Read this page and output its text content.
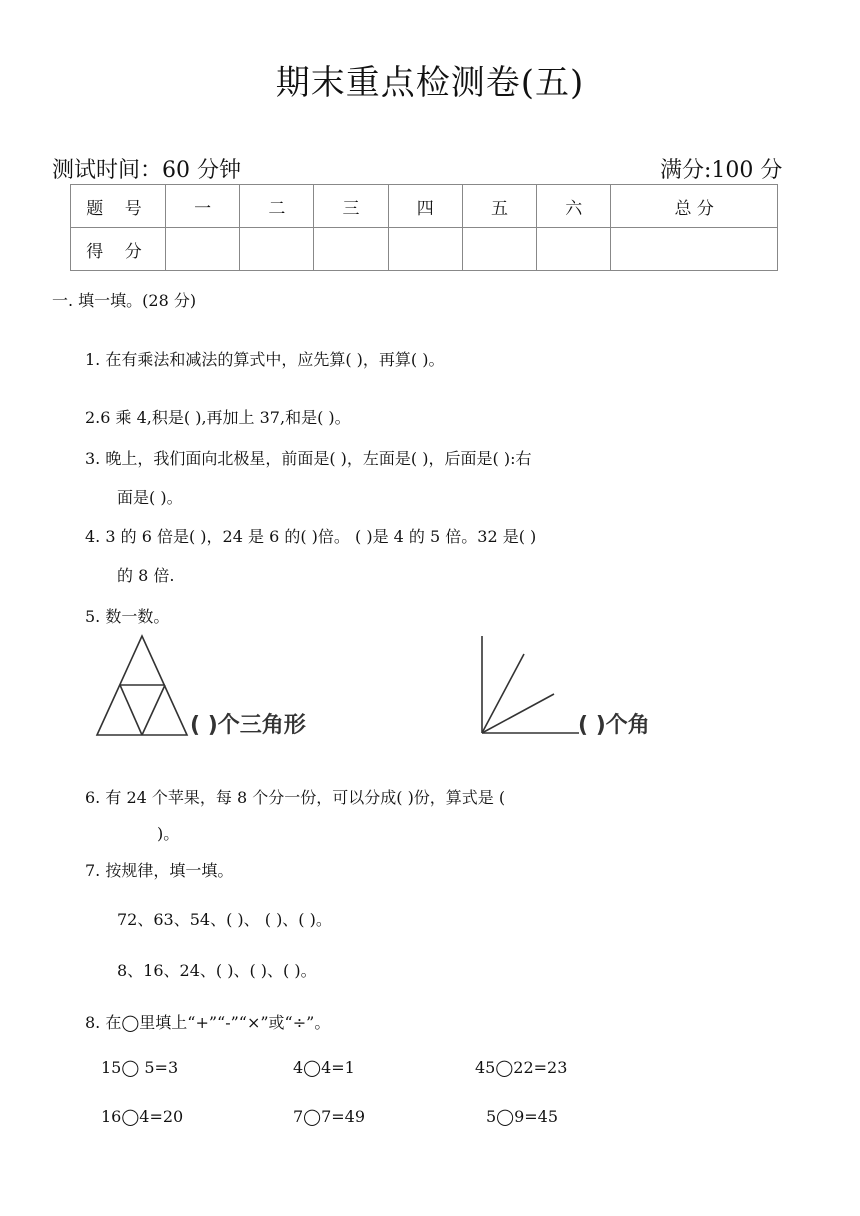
期末重点检测卷(五)
测试时间：60 分钟	满分:100 分
题 号	一	二	三	四	五	六	总 分
得 分							
一. 填一填。(28 分)
1. 在有乘法和减法的算式中，应先算( )，再算( )。
2.6 乘 4,积是( ),再加上 37,和是( )。
3. 晚上，我们面向北极星，前面是( )，左面是( )，后面是( ):右
面是( )。
4. 3 的 6 倍是( )，24 是 6 的( )倍。 ( )是 4 的 5 倍。32 是( )
的 8 倍.
5. 数一数。
( )个三角形	( )个角
6. 有 24 个苹果，每 8 个分一份，可以分成( )份，算式是 (
)。
7. 按规律，填一填。
72、63、54、( )、 ( )、( )。
8、16、24、( )、( )、( )。
8. 在◯里填上“+”“-”“×”或“÷”。
15◯ 5=3	4◯4=1	45◯22=23
16◯4=20	7◯7=49	5◯9=45
